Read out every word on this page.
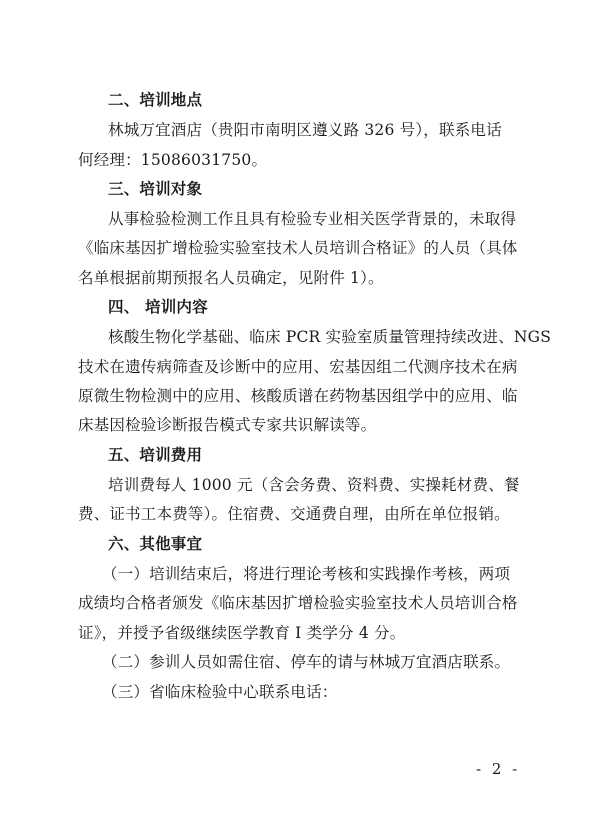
二、培训地点
林城万宜酒店（贵阳市南明区遵义路 326 号），联系电话
何经理：15086031750。
三、培训对象
从事检验检测工作且具有检验专业相关医学背景的，未取得
《临床基因扩增检验实验室技术人员培训合格证》的人员（具体
名单根据前期预报名人员确定，见附件 1）。
四、 培训内容
核酸生物化学基础、临床 PCR 实验室质量管理持续改进、NGS
技术在遗传病筛查及诊断中的应用、宏基因组二代测序技术在病
原微生物检测中的应用、核酸质谱在药物基因组学中的应用、临
床基因检验诊断报告模式专家共识解读等。
五、培训费用
培训费每人 1000 元（含会务费、资料费、实操耗材费、餐
费、证书工本费等）。住宿费、交通费自理，由所在单位报销。
六、其他事宜
（一）培训结束后，将进行理论考核和实践操作考核，两项
成绩均合格者颁发《临床基因扩增检验实验室技术人员培训合格
证》，并授予省级继续医学教育 I 类学分 4 分。
（二）参训人员如需住宿、停车的请与林城万宜酒店联系。
（三）省临床检验中心联系电话：
- 2 -
